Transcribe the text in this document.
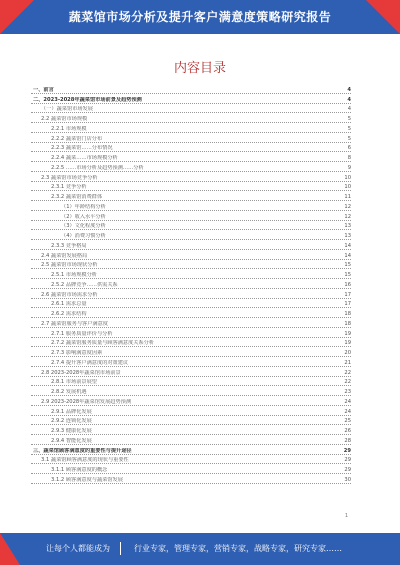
蔬菜馆市场分析及提升客户满意度策略研究报告
内容目录
一、前言	4
二、2023-2028年蔬菜馆市场前景及趋势预测	4
（一）蔬菜馆市场发展	4
2.2 蔬菜馆市场规模	5
2.2.1 市场规模	5
2.2.2 蔬菜馆门店分布	5
2.2.3 蔬菜馆……分布情况	6
2.2.4 蔬菜……市场规模分析	8
2.2.5 ……市场分析及趋势预测……分析	9
2.3 蔬菜馆市场竞争分析	10
2.3.1 竞争分析	10
2.3.2 蔬菜馆消费群体	11
（1）年龄结构分析	12
（2）收入水平分析	12
（3）文化程度分析	13
（4）消费习惯分析	13
2.3.3 竞争格局	14
2.4 蔬菜馆发展格局	14
2.5 蔬菜馆市场现状分析	15
2.5.1 市场规模分析	15
2.5.2 品牌竞争……供需关系	16
2.6 蔬菜馆市场需求分析	17
2.6.1 需求总量	17
2.6.2 需求结构	18
2.7 蔬菜馆服务与客户满意度	18
2.7.1 服务质量评价与分析	19
2.7.2 蔬菜馆服务质量与顾客满意度关系分析	19
2.7.3 影响满意度因素	20
2.7.4 提升客户满意度的对策建议	21
2.8 2023-2028年蔬菜馆市场前景	22
2.8.1 市场前景展望	22
2.8.2 发展机遇	23
2.9 2023-2028年蔬菜馆发展趋势预测	24
2.9.1 品牌化发展	24
2.9.2 连锁化发展	25
2.9.3 健康化发展	26
2.9.4 智能化发展	28
三、蔬菜馆顾客满意度的重要性与提升途径	29
3.1 蔬菜馆顾客满意度的现状与重要性	29
3.1.1 顾客满意度的概念	29
3.1.2 顾客满意度与蔬菜馆发展	30
1
让每个人都能成为	行业专家，管理专家，营销专家，战略专家，研究专家……
